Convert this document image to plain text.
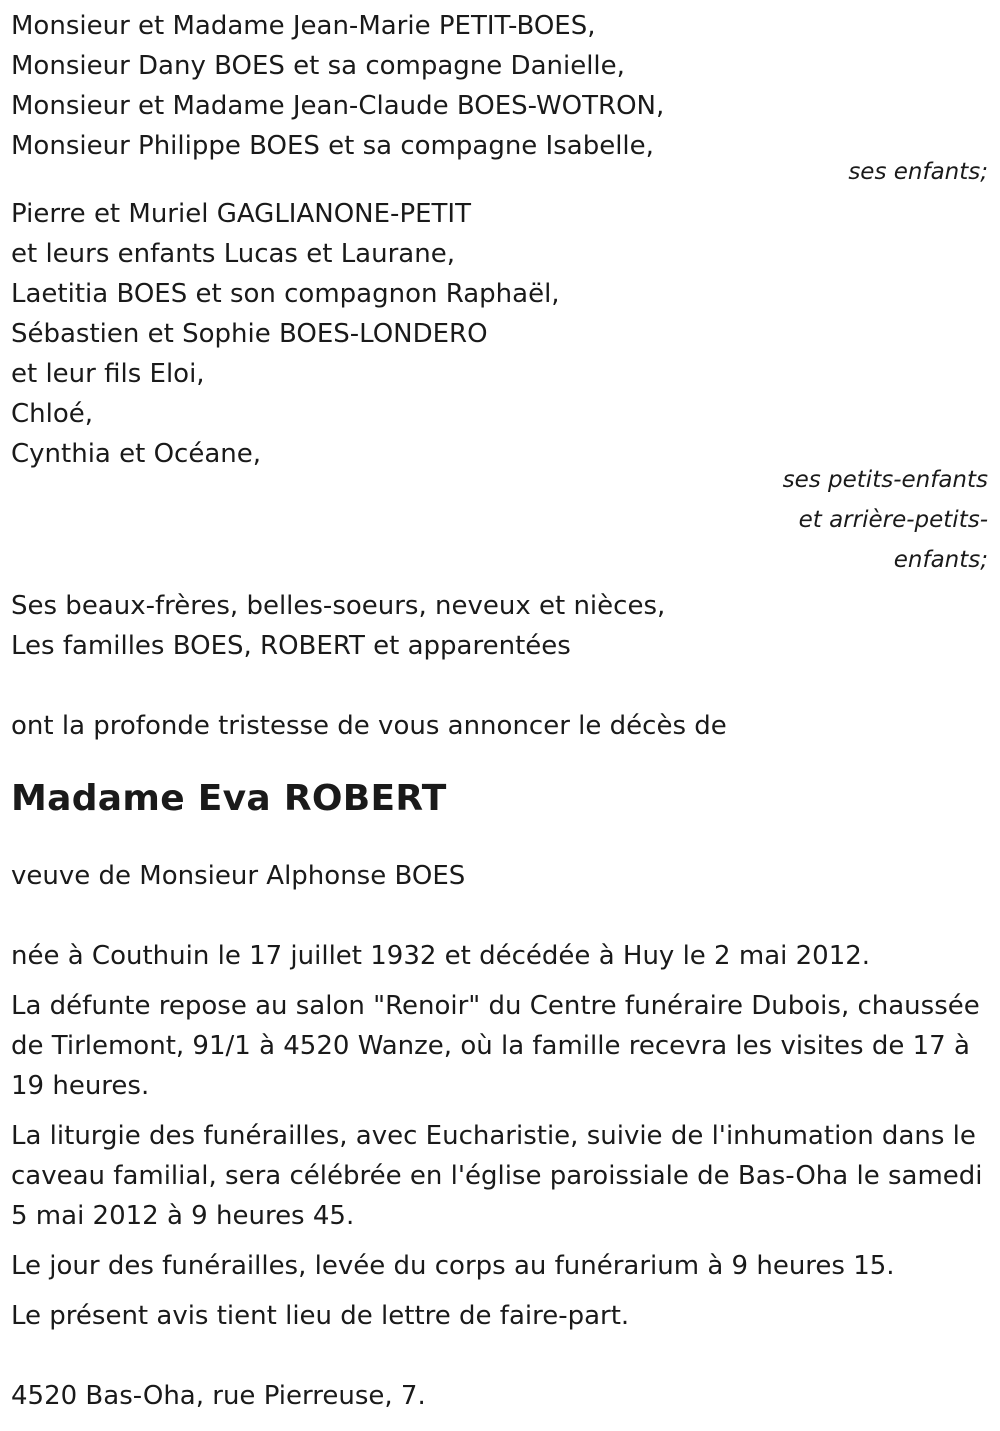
Monsieur et Madame Jean-Marie PETIT-BOES,
Monsieur Dany BOES et sa compagne Danielle,
Monsieur et Madame Jean-Claude BOES-WOTRON,
Monsieur Philippe BOES et sa compagne Isabelle,
ses enfants;
Pierre et Muriel GAGLIANONE-PETIT
et leurs enfants Lucas et Laurane,
Laetitia BOES et son compagnon Raphaël,
Sébastien et Sophie BOES-LONDERO
et leur fils Eloi,
Chloé,
Cynthia et Océane,
ses petits-enfants
et arrière-petits-
enfants;
Ses beaux-frères, belles-soeurs, neveux et nièces,
Les familles BOES, ROBERT et apparentées
ont la profonde tristesse de vous annoncer le décès de
Madame Eva ROBERT
veuve de Monsieur Alphonse BOES
née à Couthuin le 17 juillet 1932 et décédée à Huy le 2 mai 2012.

La défunte repose au salon "Renoir" du Centre funéraire Dubois, chaussée de Tirlemont, 91/1 à 4520 Wanze, où la famille recevra les visites de 17 à 19 heures.

La liturgie des funérailles, avec Eucharistie, suivie de l'inhumation dans le caveau familial, sera célébrée en l'église paroissiale de Bas-Oha le samedi 5 mai 2012 à 9 heures 45.

Le jour des funérailles, levée du corps au funérarium à 9 heures 15.

Le présent avis tient lieu de lettre de faire-part.

4520 Bas-Oha, rue Pierreuse, 7.
